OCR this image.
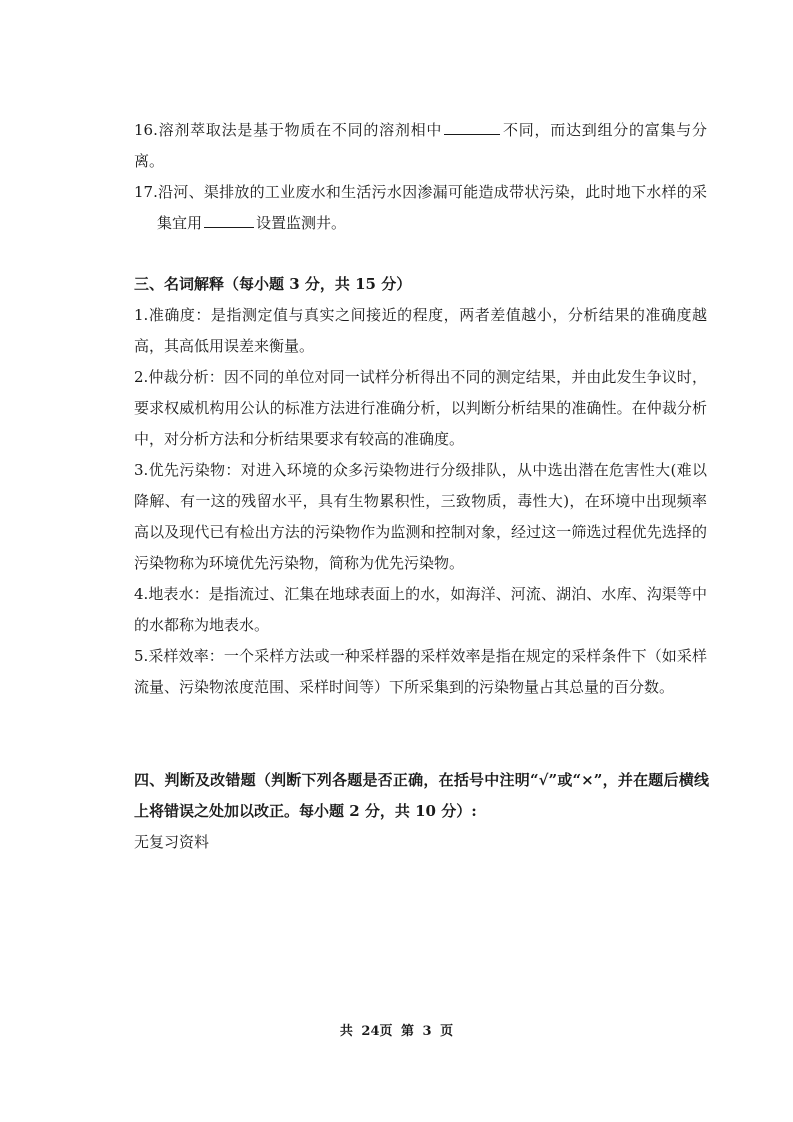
16.溶剂萃取法是基于物质在不同的溶剂相中	不同，而达到组分的富集与分离。

17.沿河、渠排放的工业废水和生活污水因渗漏可能造成带状污染，此时地下水样的采集宜用	设置监测井。

三、名词解释（每小题 3 分，共 15 分）

1.准确度：是指测定值与真实之间接近的程度，两者差值越小，分析结果的准确度越高，其高低用误差来衡量。

2.仲裁分析：因不同的单位对同一试样分析得出不同的测定结果，并由此发生争议时，要求权威机构用公认的标准方法进行准确分析，以判断分析结果的准确性。在仲裁分析中，对分析方法和分析结果要求有较高的准确度。

3.优先污染物：对进入环境的众多污染物进行分级排队，从中选出潜在危害性大(难以降解、有一这的残留水平，具有生物累积性，三致物质，毒性大)，在环境中出现频率高以及现代已有检出方法的污染物作为监测和控制对象，经过这一筛选过程优先选择的污染物称为环境优先污染物，简称为优先污染物。

4.地表水：是指流过、汇集在地球表面上的水，如海洋、河流、湖泊、水库、沟渠等中的水都称为地表水。

5.采样效率：一个采样方法或一种采样器的采样效率是指在规定的采样条件下（如采样流量、污染物浓度范围、采样时间等）下所采集到的污染物量占其总量的百分数。

四、判断及改错题（判断下列各题是否正确，在括号中注明“√”或“×”，并在题后横线上将错误之处加以改正。每小题 2 分，共 10 分）:

无复习资料

共 24页 第 3 页
